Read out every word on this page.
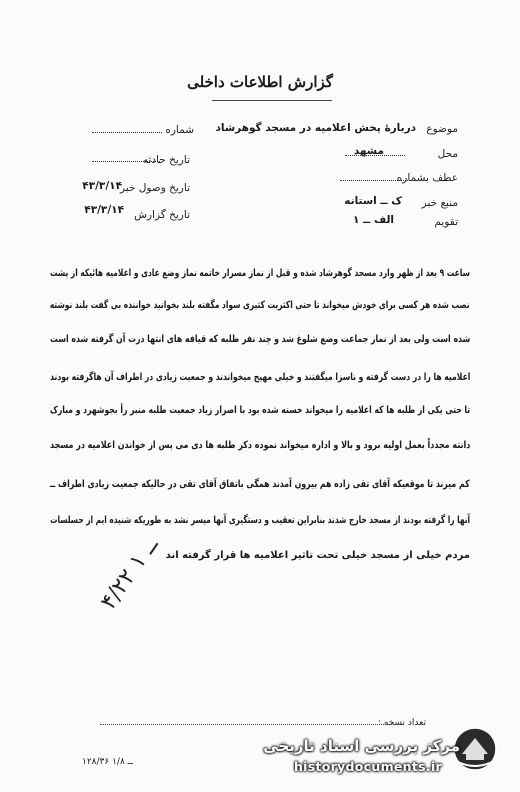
گزارش اطلاعات داخلی
موضوع
دربارۀ پخش اعلامیه در مسجد گوهرشاد
محل
مشهد
عطف بشماره
منبع خبر
ک ــ استانه
تقویم
الف ــ ۱
شماره
تاریخ حادثه
تاریخ وصول خبر
۴۳/۳/۱۴
تاریخ گزارش
۴۳/۳/۱۴
ساعت ۹ بعد از ظهر وارد مسجد گوهرشاد شده و قبل از نماز مسرار خاتمه نماز وضع عادی و اعلامیه هائیکه از پشت
نصب شده هر کسی برای خودش میخواند تا حتی اکثریت کثیری سواد مگفته بلند بخوانید خواننده بی گفت بلند نوشته
شده است ولی بعد از نماز جماعت وضع شلوغ شد و چند نفر طلبه که قیافه های انتها درت آن گرفته شده است
اعلامیه ها را در دست گرفته و ناسزا میگفتند و خیلی مهیج میخواندند و جمعیت زیادی در اطراف آن هاگرفته بودند
تا حتی یکی از طلبه ها که اعلامیه را میخواند خسته شده بود با اصرار زیاد جمعیت طلبه منبر رأ بجوشهرد و مبارک
دانته مجدداً بعمل اولیه برود و بالا و اداره میخواند نموده دکر طلبه ها دی می پس از خواندن اعلامیه در مسجد
کم میرند تا موقعیکه آقای تقی زاده هم بیرون آمدند همگی باتفاق آقای تقی در حالیکه جمعیت زیادی اطراف ــ
آنها را گرفته بودند از مسجد خارج شدند بنابراین تعقیب و دستگیری آنها میسر نشد به طوریکه شنیده ایم از حسلسات
مردم خیلی از مسجد خیلی تحت تاثیر اعلامیه ها قرار گرفته اند
۴/۲۲ ــ ۱
تعداد نسخه :
۱۲۸/۳۶ ــ ۱/۸
مرکز بررسی اسناد تاریخی
historydocuments.ir
